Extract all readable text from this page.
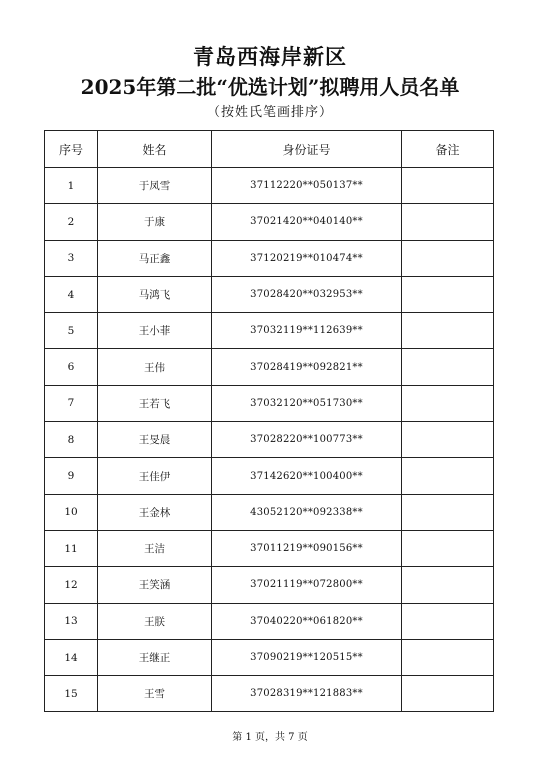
青岛西海岸新区
2025年第二批“优选计划”拟聘用人员名单
（按姓氏笔画排序）
序号	姓名	身份证号	备注
1	于凤雪	37112220**050137**	
2	于康	37021420**040140**	
3	马正鑫	37120219**010474**	
4	马鸿飞	37028420**032953**	
5	王小菲	37032119**112639**	
6	王伟	37028419**092821**	
7	王若飞	37032120**051730**	
8	王旻晨	37028220**100773**	
9	王佳伊	37142620**100400**	
10	王金林	43052120**092338**	
11	王洁	37011219**090156**	
12	王笑涵	37021119**072800**	
13	王朕	37040220**061820**	
14	王继正	37090219**120515**	
15	王雪	37028319**121883**	
第 1 页，共 7 页
